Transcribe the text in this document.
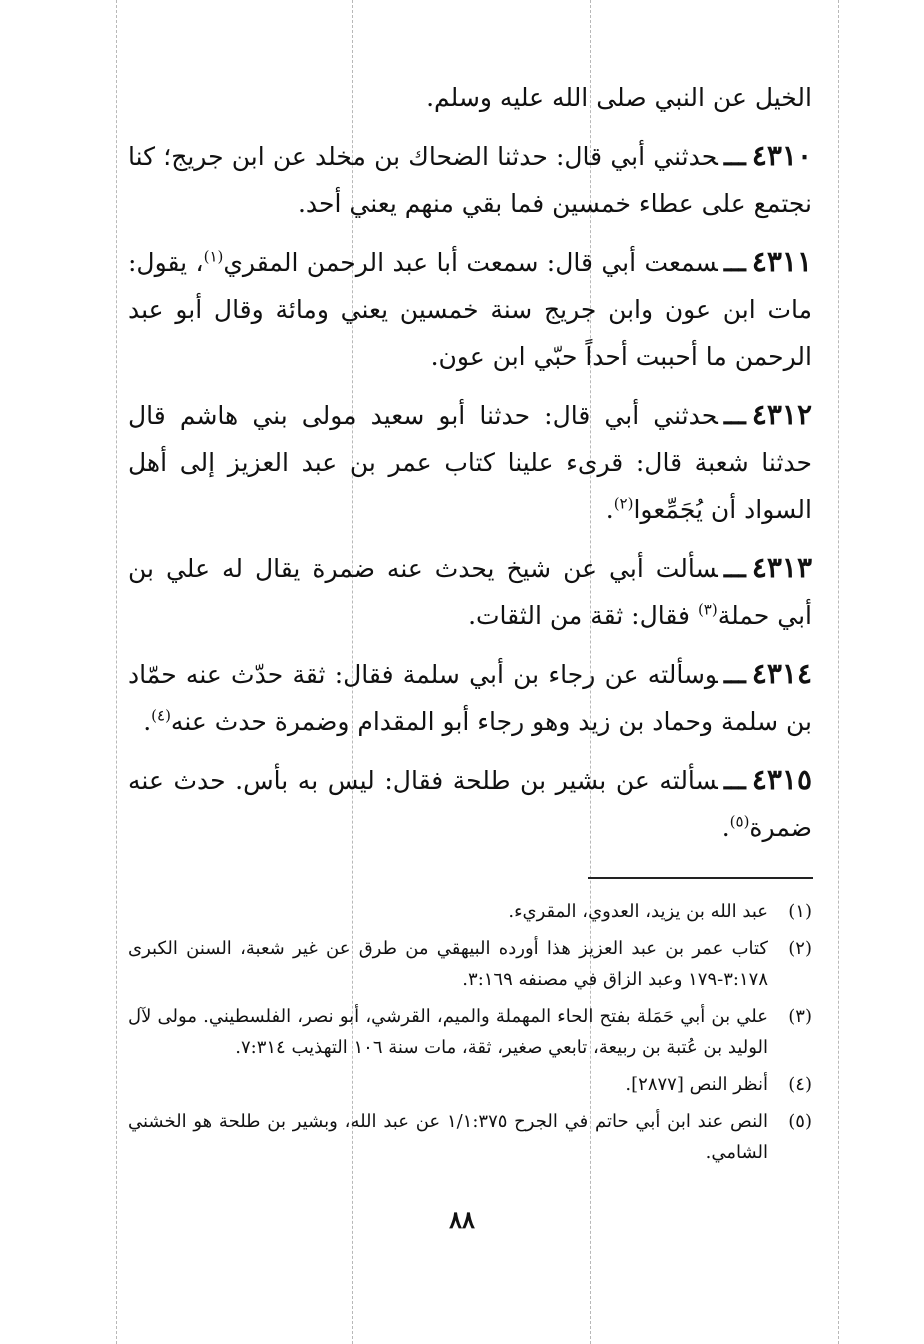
الخيل عن النبي صلى الله عليه وسلم.

٤٣١٠ـــحدثني أبي قال: حدثنا الضحاك بن مخلد عن ابن جريج؛ كنا نجتمع على عطاء خمسين فما بقي منهم يعني أحد.

٤٣١١ـــسمعت أبي قال: سمعت أبا عبد الرحمن المقري$^{(١)}$، يقول: مات ابن عون وابن جريج سنة خمسين يعني ومائة وقال أبو عبد الرحمن ما أحببت أحداً حبّي ابن عون.

٤٣١٢ـــحدثني أبي قال: حدثنا أبو سعيد مولى بني هاشم قال حدثنا شعبة قال: قرىء علينا كتاب عمر بن عبد العزيز إلى أهل السواد أن يُجَمِّعوا$^{(٢)}$.

٤٣١٣ـــسألت أبي عن شيخ يحدث عنه ضمرة يقال له علي بن أبي حملة$^{(٣)}$ فقال: ثقة من الثقات.

٤٣١٤ـــوسألته عن رجاء بن أبي سلمة فقال: ثقة حدّث عنه حمّاد بن سلمة وحماد بن زيد وهو رجاء أبو المقدام وضمرة حدث عنه$^{(٤)}$.

٤٣١٥ـــسألته عن بشير بن طلحة فقال: ليس به بأس. حدث عنه ضمرة$^{(٥)}$.

(١)
عبد الله بن يزيد، العدوي، المقريء.
(٢)
كتاب عمر بن عبد العزيز هذا أورده البيهقي من طرق عن غير شعبة، السنن الكبرى ٣:١٧٨-١٧٩ وعبد الزاق في مصنفه ٣:١٦٩.
(٣)
علي بن أبي حَمَلة بفتح الحاء المهملة والميم، القرشي، أبو نصر، الفلسطيني. مولى لآل الوليد بن عُتبة بن ربيعة، تابعي صغير، ثقة، مات سنة ١٠٦ التهذيب ٧:٣١٤.
(٤)
أنظر النص [٢٨٧٧].
(٥)
النص عند ابن أبي حاتم في الجرح ١/١:٣٧٥ عن عبد الله، وبشير بن طلحة هو الخشني الشامي.
٨٨
